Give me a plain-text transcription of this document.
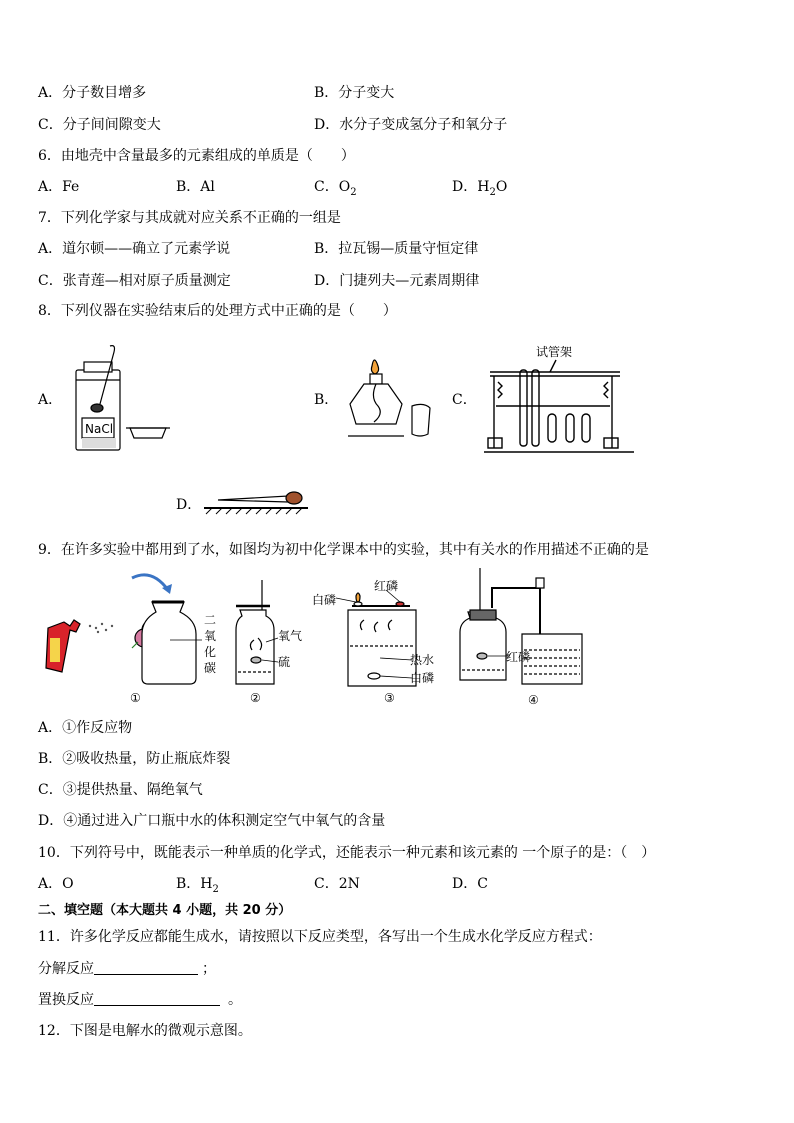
A．分子数目增多	B．分子变大
C．分子间间隙变大	D．水分子变成氢分子和氧分子
6．由地壳中含量最多的元素组成的单质是（　　）
A．Fe	B．Al	C．$O_2$	D．$H_2O$
7．下列化学家与其成就对应关系不正确的一组是
A．道尔顿——确立了元素学说	B．拉瓦锡—质量守恒定律
C．张青莲—相对原子质量测定	D．门捷列夫—元素周期律
8．下列仪器在实验结束后的处理方式中正确的是（　　）
A．	B．	C．
D．
NaCl
试管架
9．在许多实验中都用到了水，如图均为初中化学课本中的实验，其中有关水的作用描述不正确的是
二
氧
化
碳
①
氧气
硫
②
白磷
红磷
热水
白磷
③
红磷
④
A．①作反应物
B．②吸收热量，防止瓶底炸裂
C．③提供热量、隔绝氧气
D．④通过进入广口瓶中水的体积测定空气中氧气的含量
10．下列符号中，既能表示一种单质的化学式，还能表示一种元素和该元素的 一个原子的是：（　）
A．O	B．$H_2$	C．2N	D．C
二、填空题（本大题共 4 小题，共 20 分）
11．许多化学反应都能生成水，请按照以下反应类型，各写出一个生成水化学反应方程式：
分解反应	；
置换反应	。
12．下图是电解水的微观示意图。
